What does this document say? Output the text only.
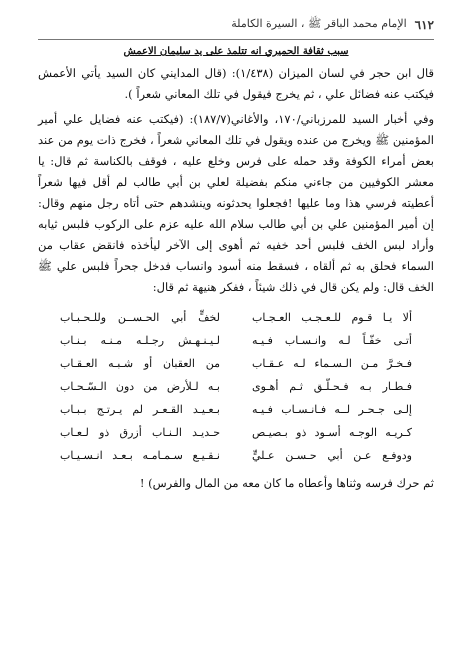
٦١٢
الإمام محمد الباقر ﷺ ، السيرة الكاملة
سبب ثقافة الحميري انه تتلمذ على يد سليمان الاعمش

قال ابن حجر في لسان الميزان (١/٤٣٨): (قال المدايني كان السيد يأتي الأعمش فيكتب عنه فضائل علي ، ثم يخرج فيقول في تلك المعاني شعراً ).

وفي أخبار السيد للمرزباني/١٧٠، والأغاني(١٨٧/٧): (فيكتب عنه فضايل علي أمير المؤمنين ﷺ ويخرج من عنده ويقول في تلك المعاني شعراً ، فخرج ذات يوم من عند بعض أمراء الكوفة وقد حمله على فرس وخلع عليه ، فوقف بالكناسة ثم قال: يا معشر الكوفيين من جاءني منكم بفضيلة لعلي بن أبي طالب لم أقل فيها شعراً أعطيته فرسي هذا وما عليها !فجعلوا يحدثونه وينشدهم حتى أتاه رجل منهم وقال: إن أمير المؤمنين علي بن أبي طالب سلام الله عليه عزم على الركوب فلبس ثيابه وأراد لبس الخف فلبس أحد خفيه ثم أهوى إلى الآخر ليأخذه فانقض عقاب من السماء فحلق به ثم ألقاه ، فسقط منه أسود وانساب فدخل جحراً فلبس علي ﷺ الخف قال: ولم يكن قال في ذلك شيئاً ، ففكر هنيهة ثم قال:

ألا يـا قـوم للـعـجـب العـجـاب
لخفٍّ أبي الحـســن وللـحـبـاب
أتـى خفّـاً لـه وانـسـاب فـيـه
لـيـنـهـش رجـلـه مـنـه بـنـاب
فـخـرَّ مـن الـسـماء لـه عـقـاب
من العقبان أو شـبـه العـقـاب
فـطـار بـه فـحـلّـق ثـم أهـوى
بـه لـلأرض من دون الـسّـحـاب
إلـى جـحـر لــه فـانـسـاب فـيـه
بـعـيـد القـعـر لم يـرتـج بـبـاب
كـريـه الوجـه أسـود ذو بـصيـص
حـديـد الـنـاب أزرق ذو لـعـاب
ودوفـع عـن أبي حـسـن عـليٍّ
نـقـيـع سـمـامـه بـعـد انـسـيـاب

ثم حرك فرسه وثناها وأعطاه ما كان معه من المال والفرس) !
